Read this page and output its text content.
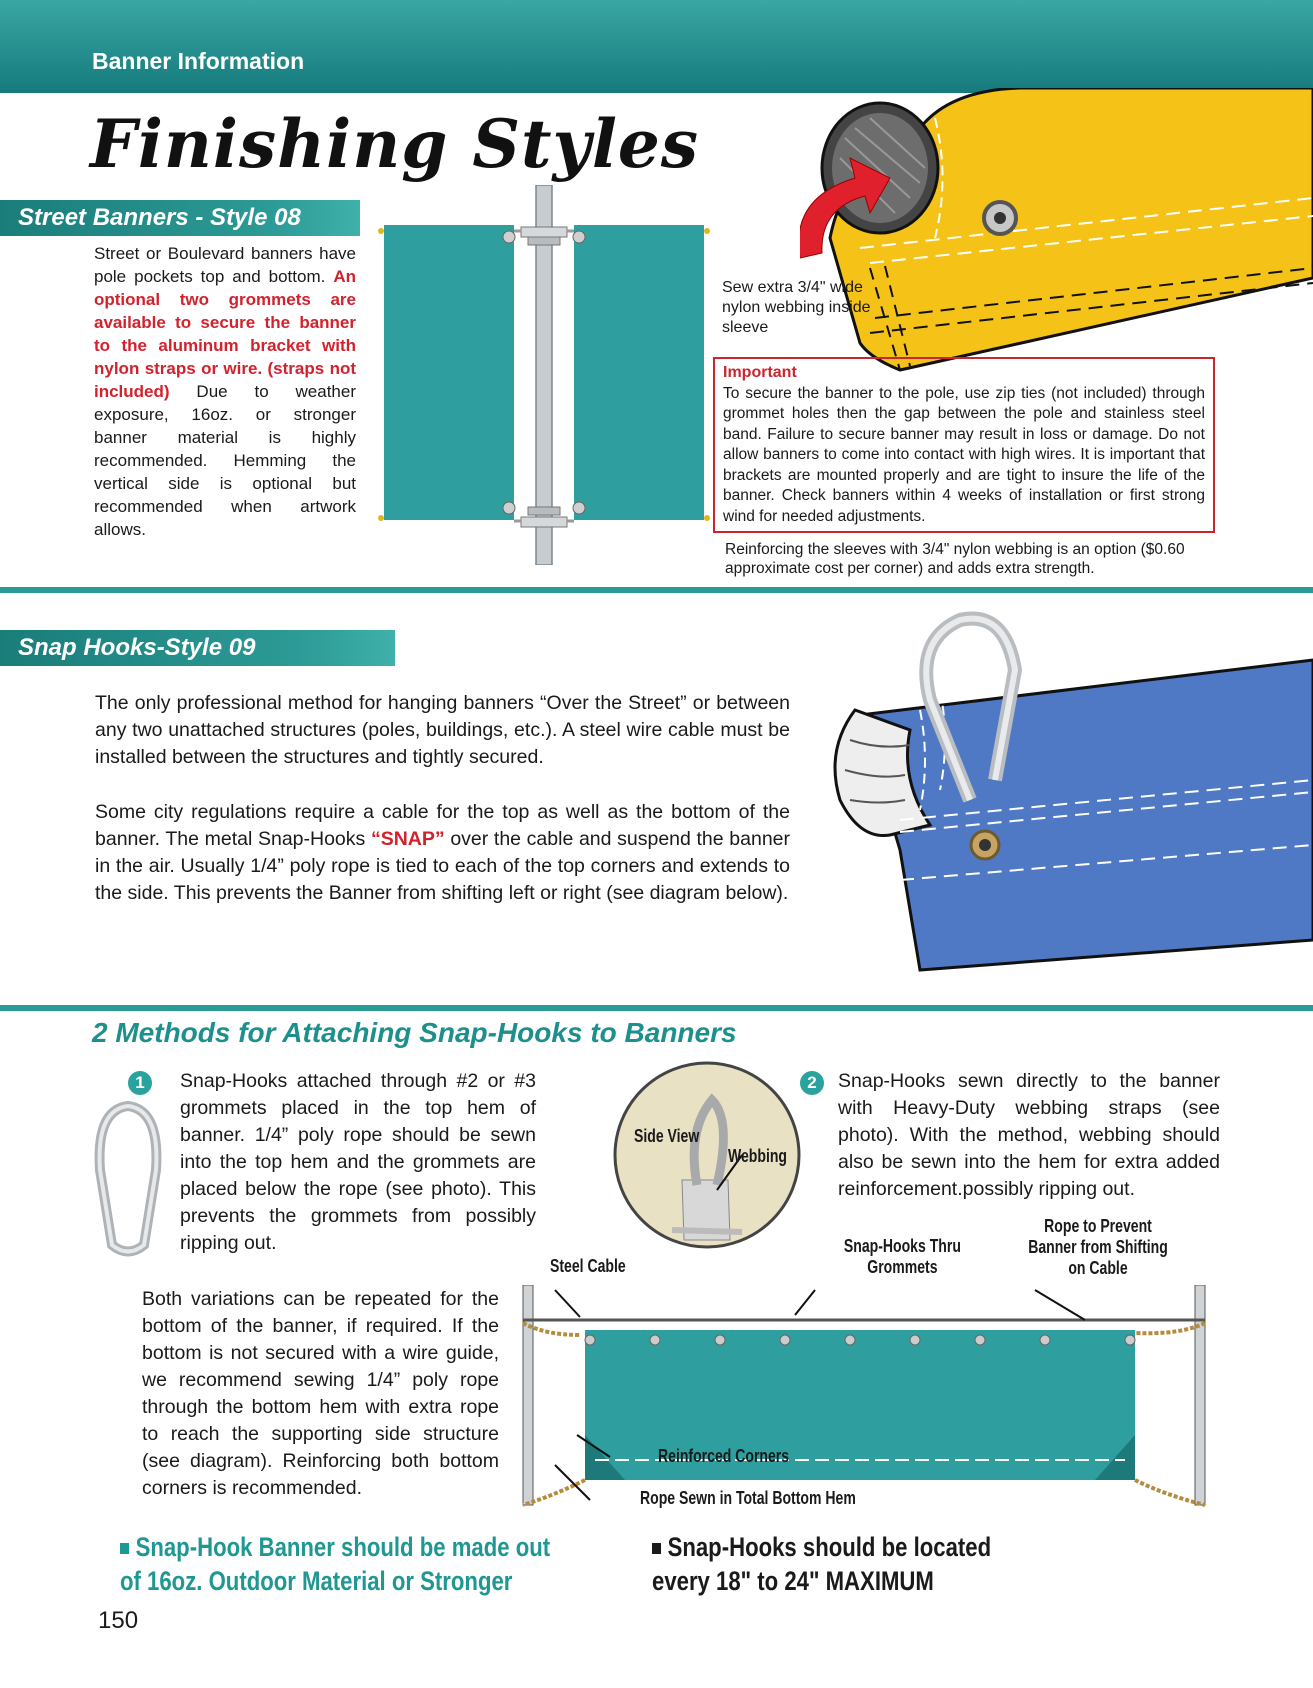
Banner Information
Finishing Styles
Street Banners - Style 08
Street or Boulevard banners have pole pockets top and bottom. An optional two grommets are available to secure the banner to the aluminum bracket with nylon straps or wire. (straps not included) Due to weather exposure, 16oz. or stronger banner material is highly recommended. Hemming the vertical side is optional but recommended when artwork allows.
Sew extra 3/4" wide nylon webbing inside sleeve
Important
To secure the banner to the pole, use zip ties (not included) through grommet holes then the gap between the pole and stainless steel band. Failure to secure banner may result in loss or damage. Do not allow banners to come into contact with high wires. It is important that brackets are mounted properly and are tight to insure the life of the banner. Check banners within 4 weeks of installation or first strong wind for needed adjustments.
Reinforcing the sleeves with 3/4" nylon webbing is an option ($0.60 approximate cost per corner) and adds extra strength.
Snap Hooks-Style 09
The only professional method for hanging banners “Over the Street” or between any two unattached structures (poles, buildings, etc.). A steel wire cable must be installed between the structures and tightly secured.
Some city regulations require a cable for the top as well as the bottom of the banner. The metal Snap-Hooks “SNAP” over the cable and suspend the banner in the air. Usually 1/4” poly rope is tied to each of the top corners and extends to the side. This prevents the Banner from shifting left or right (see diagram below).
2 Methods for Attaching Snap-Hooks to Banners
1	Snap-Hooks attached through #2 or #3 grommets placed in the top hem of banner. 1/4” poly rope should be sewn into the top hem and the grommets are placed below the rope (see photo). This prevents the grommets from possibly ripping out.
Side View
Webbing
2	Snap-Hooks sewn directly to the banner with Heavy-Duty webbing straps (see photo). With the method, webbing should also be sewn into the hem for extra added reinforcement.possibly ripping out.
Both variations can be repeated for the bottom of the banner, if required. If the bottom is not secured with a wire guide, we recommend sewing 1/4” poly rope through the bottom hem with extra rope to reach the supporting side structure (see diagram). Reinforcing both bottom corners is recommended.
Steel Cable
Snap-Hooks Thru Grommets
Rope to Prevent Banner from Shifting on Cable
Reinforced Corners
Rope Sewn in Total Bottom Hem
Snap-Hook Banner should be made out of 16oz. Outdoor Material or Stronger
Snap-Hooks should be located every 18" to 24" MAXIMUM
150
